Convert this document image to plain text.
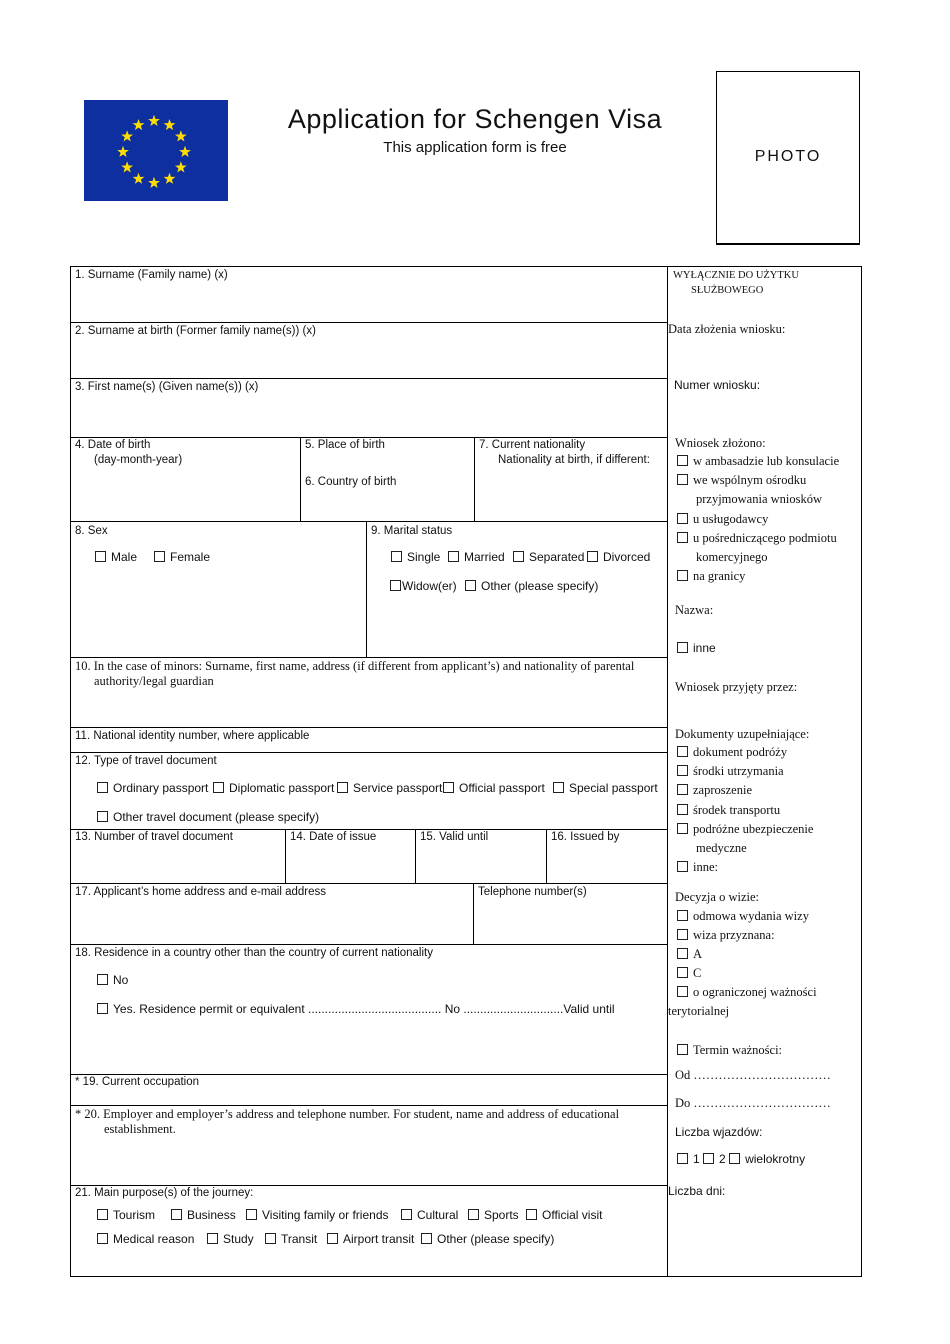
Application for Schengen Visa
This application form is free
PHOTO
1. Surname (Family name) (x)
2. Surname at birth (Former family name(s)) (x)
3. First name(s) (Given name(s)) (x)
4. Date of birth
(day-month-year)
5. Place of birth
6. Country of birth
7. Current nationality
Nationality at birth, if different:
8. Sex
Male	Female
9. Marital status
Single	Married	Separated	Divorced
Widow(er)	Other (please specify)
10. In the case of minors: Surname, first name, address (if different from applicant’s) and nationality of parental
authority/legal guardian
11. National identity number, where applicable
12. Type of travel document
Ordinary passport	Diplomatic passport	Service passport	Official passport	Special passport
Other travel document (please specify)
13. Number of travel document	14. Date of issue	15. Valid until	16. Issued by
17. Applicant’s home address and e-mail address	Telephone number(s)
18. Residence in a country other than the country of current nationality
No
Yes. Residence permit or equivalent ........................................ No ..............................Valid until
* 19. Current occupation
* 20. Employer and employer’s address and telephone number. For student, name and address of educational
establishment.
21. Main purpose(s) of the journey:
Tourism	Business	Visiting family or friends	Cultural	Sports	Official visit
Medical reason	Study	Transit	Airport transit	Other (please specify)
WYŁĄCZNIE DO UŻYTKU
SŁUŻBOWEGO
Data złożenia wniosku:
Numer wniosku:
Wniosek złożono:
w ambasadzie lub konsulacie
we wspólnym ośrodku
przyjmowania wniosków
u usługodawcy
u pośredniczącego podmiotu
komercyjnego
na granicy
Nazwa:
inne
Wniosek przyjęty przez:
Dokumenty uzupełniające:
dokument podróży
środki utrzymania
zaproszenie
środek transportu
podróżne ubezpieczenie
medyczne
inne:
Decyzja o wizie:
odmowa wydania wizy
wiza przyznana:
A
C
o ograniczonej ważności
terytorialnej
Termin ważności:
Od ……………………………
Do ……………………………
Liczba wjazdów:
1 2 wielokrotny
Liczba dni:
